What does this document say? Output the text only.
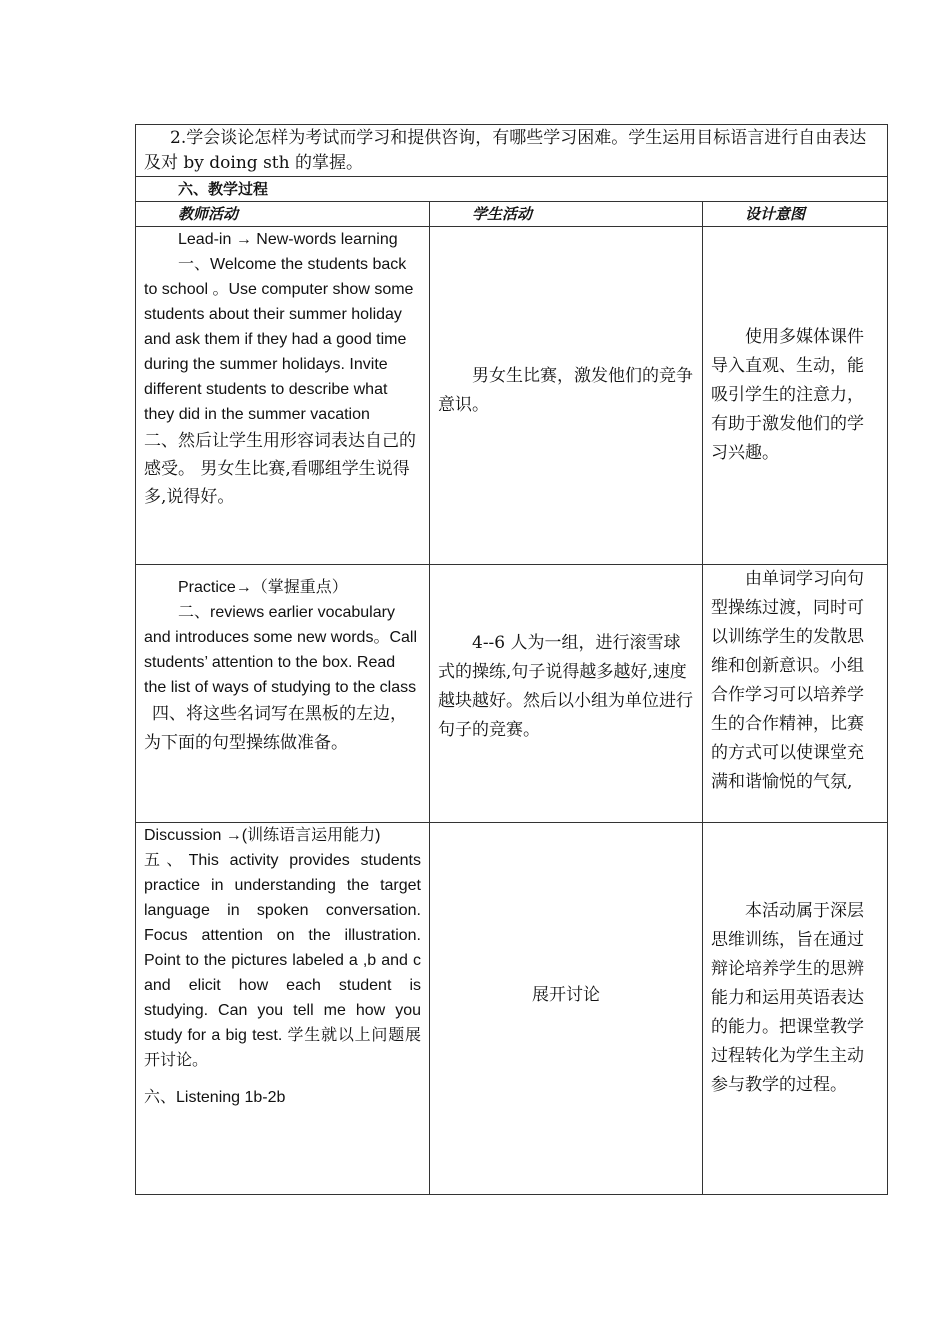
2.学会谈论怎样为考试而学习和提供咨询，有哪些学习困难。学生运用目标语言进行自由表达及对 by doing sth 的掌握。		

六、教学过程		

教师活动	学生活动	设计意图

Lead-in → New-words learning

一、Welcome the students back to school 。Use computer show some students about their summer holiday and ask them if they had a good time during the summer holidays. Invite different students to describe what they did in the summer vacation

二、然后让学生用形容词表达自己的感受。 男女生比赛,看哪组学生说得多,说得好。	男女生比赛，激发他们的竞争意识。	使用多媒体课件导入直观、生动，能吸引学生的注意力，有助于激发他们的学习兴趣。

Practice→（掌握重点）

二、reviews earlier vocabulary and introduces some new words。Call students’ attention to the box. Read the list of ways of studying to the class

四、将这些名词写在黑板的左边，为下面的句型操练做准备。	4--6 人为一组，进行滚雪球式的操练,句子说得越多越好,速度越块越好。然后以小组为单位进行句子的竞赛。	由单词学习向句型操练过渡，同时可以训练学生的发散思维和创新意识。小组合作学习可以培养学生的合作精神，比赛的方式可以使课堂充满和谐愉悦的气氛,

Discussion →(训练语言运用能力)

五、This activity provides students practice in understanding the target language in spoken conversation. Focus attention on the illustration. Point to the pictures labeled a ,b and c and elicit how each student is studying. Can you tell me how you study for a big test. 学生就以上问题展开讨论。

六、Listening 1b-2b	展开讨论	本活动属于深层思维训练，旨在通过辩论培养学生的思辨能力和运用英语表达的能力。把课堂教学过程转化为学生主动参与教学的过程。
